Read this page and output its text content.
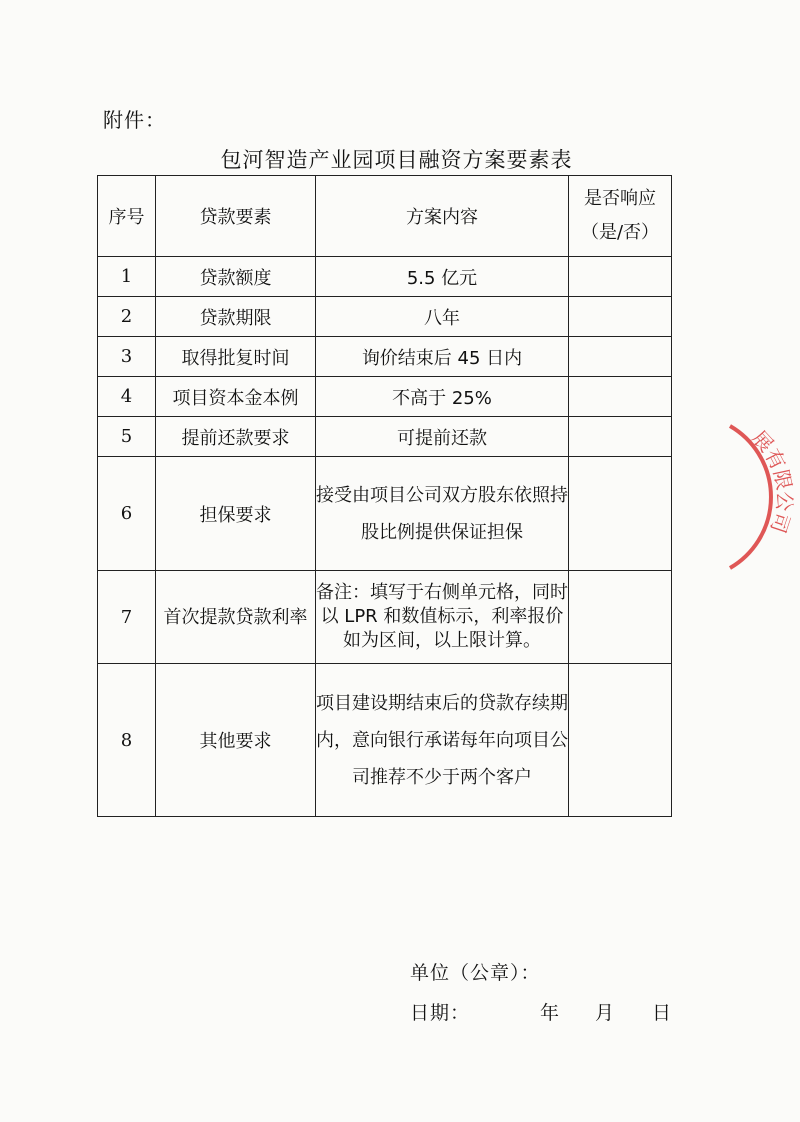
附件：
包河智造产业园项目融资方案要素表
序号	贷款要素	方案内容	是否响应
（是/否）

1	贷款额度	5.5 亿元	
2	贷款期限	八年	
3	取得批复时间	询价结束后 45 日内	
4	项目资本金本例	不高于 25%	
5	提前还款要求	可提前还款	
6	担保要求	接受由项目公司双方股东依照持股比例提供保证担保	
7	首次提款贷款利率	备注：填写于右侧单元格，同时以 LPR 和数值标示，利率报价如为区间，以上限计算。	
8	其他要求	项目建设期结束后的贷款存续期内，意向银行承诺每年向项目公司推荐不少于两个客户	
单位（公章）：
日期：	年 月 日
展有限公司
